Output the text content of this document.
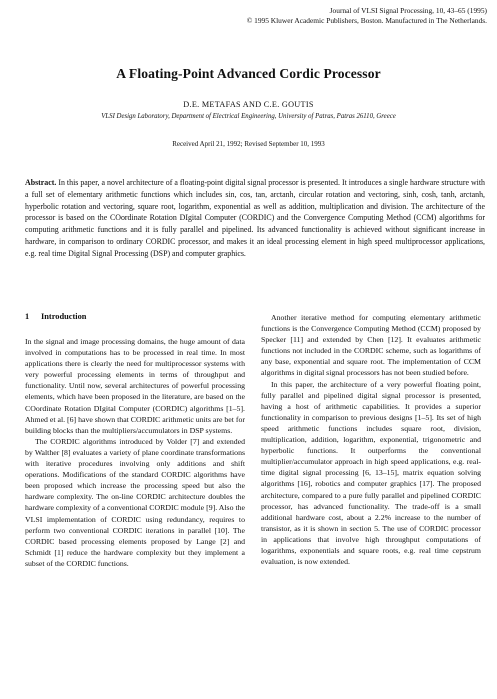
Journal of VLSI Signal Processing, 10, 43–65 (1995)
© 1995 Kluwer Academic Publishers, Boston. Manufactured in The Netherlands.
A Floating-Point Advanced Cordic Processor
D.E. METAFAS AND C.E. GOUTIS
VLSI Design Laboratory, Department of Electrical Engineering, University of Patras, Patras 26110, Greece
Received April 21, 1992; Revised September 10, 1993

Abstract. In this paper, a novel architecture of a floating-point digital signal processor is presented. It introduces a single hardware structure with a full set of elementary arithmetic functions which includes sin, cos, tan, arctanh, circular rotation and vectoring, sinh, cosh, tanh, arctanh, hyperbolic rotation and vectoring, square root, logarithm, exponential as well as addition, multiplication and division. The architecture of the processor is based on the COordinate Rotation DIgital Computer (CORDIC) and the Convergence Computing Method (CCM) algorithms for computing arithmetic functions and it is fully parallel and pipelined. Its advanced functionality is achieved without significant increase in hardware, in comparison to ordinary CORDIC processor, and makes it an ideal processing element in high speed multiprocessor applications, e.g. real time Digital Signal Processing (DSP) and computer graphics.

1 Introduction

In the signal and image processing domains, the huge amount of data involved in computations has to be processed in real time. In most applications there is clearly the need for multiprocessor systems with very powerful processing elements in terms of throughput and functionality. Until now, several architectures of powerful processing elements, which have been proposed in the literature, are based on the COordinate Rotation DIgital Computer (CORDIC) algorithms [1–5]. Ahmed et al. [6] have shown that CORDIC arithmetic units are bet for building blocks than the multipliers/accumulators in DSP systems.

The CORDIC algorithms introduced by Volder [7] and extended by Walther [8] evaluates a variety of plane coordinate transformations with iterative procedures involving only additions and shift operations. Modifications of the standard CORDIC algorithms have been proposed which increase the processing speed but also the hardware complexity. The on-line CORDIC architecture doubles the hardware complexity of a conventional CORDIC module [9]. Also the VLSI implementation of CORDIC using redundancy, requires to perform two conventional CORDIC iterations in parallel [10]. The CORDIC based processing elements proposed by Lange [2] and Schmidt [1] reduce the hardware complexity but they implement a subset of the CORDIC functions.

Another iterative method for computing elementary arithmetic functions is the Convergence Computing Method (CCM) proposed by Specker [11] and extended by Chen [12]. It evaluates arithmetic functions not included in the CORDIC scheme, such as logarithms of any base, exponential and square root. The implementation of CCM algorithms in digital signal processors has not been studied before.

In this paper, the architecture of a very powerful floating point, fully parallel and pipelined digital signal processor is presented, having a host of arithmetic capabilities. It provides a superior functionality in comparison to previous designs [1–5]. Its set of high speed arithmetic functions includes square root, division, multiplication, addition, logarithm, exponential, trigonometric and hyperbolic functions. It outperforms the conventional multiplier/accumulator approach in high speed applications, e.g. real-time digital signal processing [6, 13–15], matrix equation solving algorithms [16], robotics and computer graphics [17]. The proposed architecture, compared to a pure fully parallel and pipelined CORDIC processor, has advanced functionality. The trade-off is a small additional hardware cost, about a 2.2% increase to the number of transistor, as it is shown in section 5. The use of CORDIC processor in applications that involve high throughput computations of logarithms, exponentials and square roots, e.g. real time cepstrum evaluation, is now extended.
